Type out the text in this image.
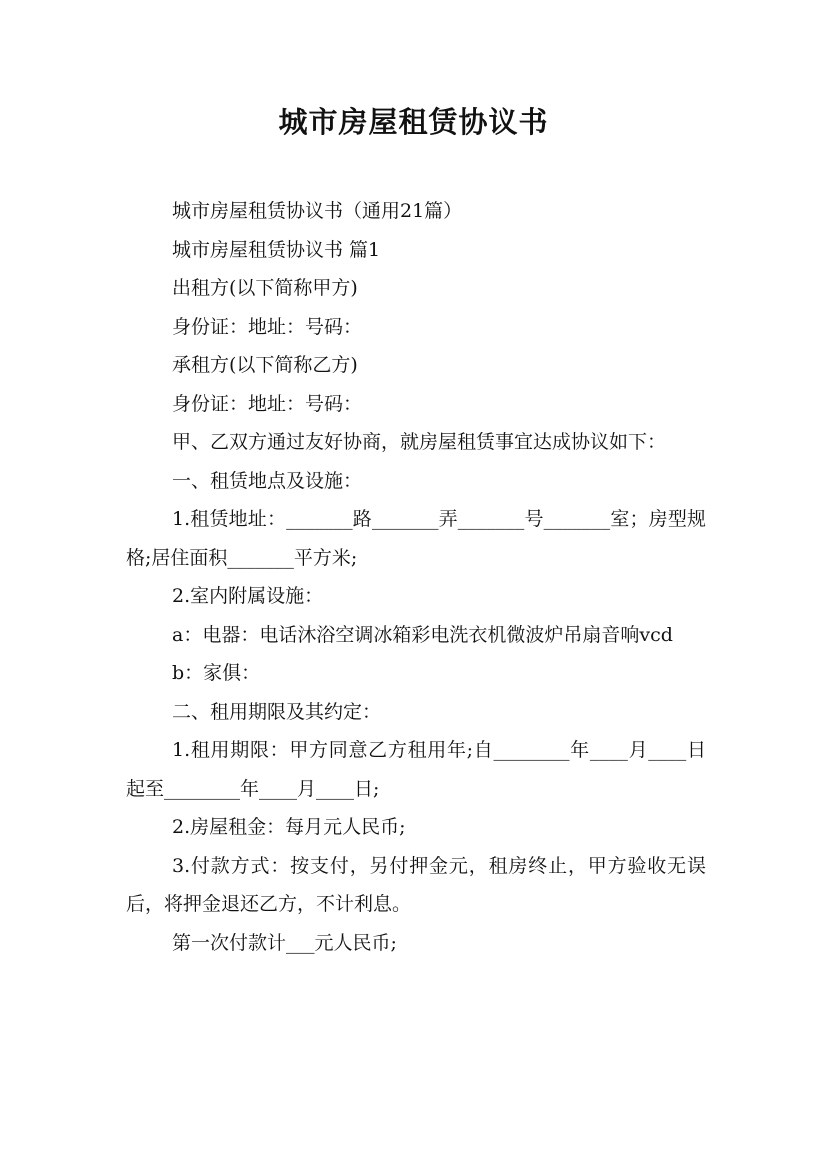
城市房屋租赁协议书

城市房屋租赁协议书（通用21篇）

城市房屋租赁协议书 篇1

出租方(以下简称甲方)

身份证：地址：号码：

承租方(以下简称乙方)

身份证：地址：号码：

甲、乙双方通过友好协商，就房屋租赁事宜达成协议如下：

一、租赁地点及设施：

1.租赁地址：_______路_______弄_______号_______室；房型规格;居住面积_______平方米;

2.室内附属设施：

a：电器：电话沐浴空调冰箱彩电洗衣机微波炉吊扇音响vcd

b：家俱：

二、租用期限及其约定：

1.租用期限：甲方同意乙方租用年;自________年____月____日起至________年____月____日;

2.房屋租金：每月元人民币;

3.付款方式：按支付，另付押金元，租房终止，甲方验收无误后，将押金退还乙方，不计利息。

第一次付款计___元人民币;
